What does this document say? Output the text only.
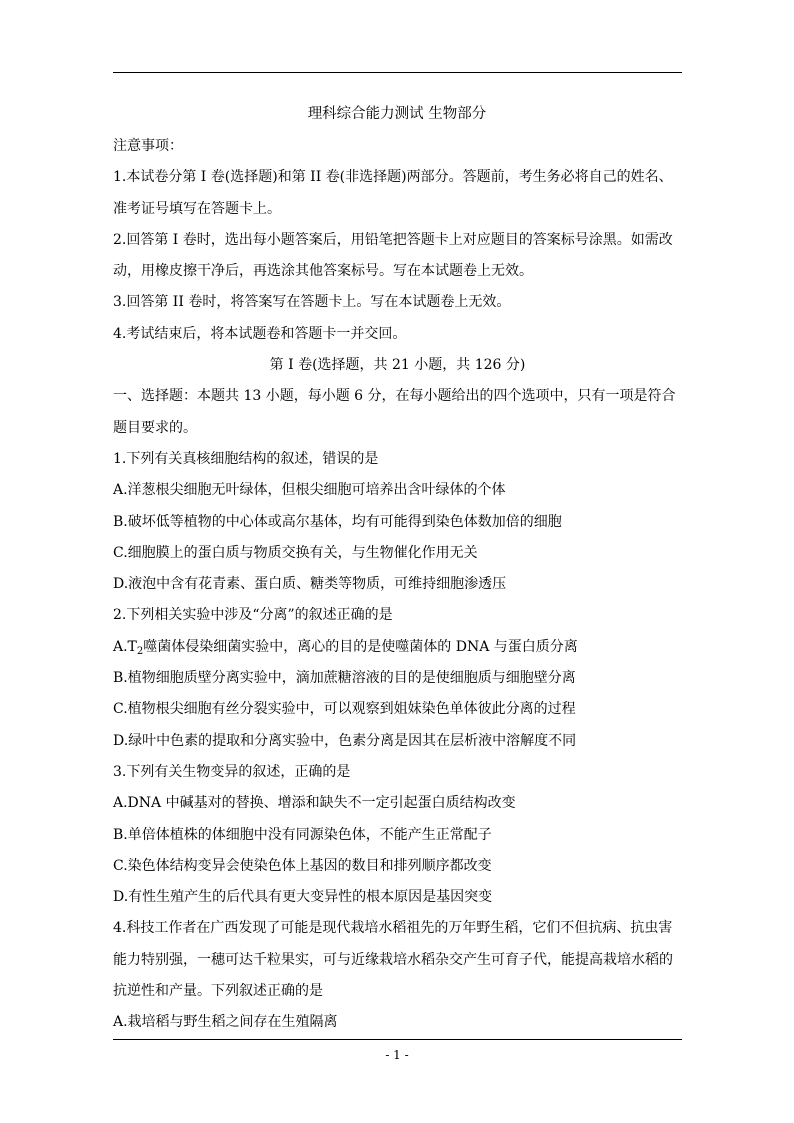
理科综合能力测试 生物部分

注意事项：

1.本试卷分第 I 卷(选择题)和第 II 卷(非选择题)两部分。答题前，考生务必将自己的姓名、准考证号填写在答题卡上。

2.回答第 I 卷时，选出每小题答案后，用铅笔把答题卡上对应题目的答案标号涂黑。如需改动，用橡皮擦干净后，再选涂其他答案标号。写在本试题卷上无效。

3.回答第 II 卷时，将答案写在答题卡上。写在本试题卷上无效。

4.考试结束后，将本试题卷和答题卡一并交回。

第 I 卷(选择题，共 21 小题，共 126 分)

一、选择题：本题共 13 小题，每小题 6 分，在每小题给出的四个选项中，只有一项是符合题目要求的。

1.下列有关真核细胞结构的叙述，错误的是

A.洋葱根尖细胞无叶绿体，但根尖细胞可培养出含叶绿体的个体

B.破坏低等植物的中心体或高尔基体，均有可能得到染色体数加倍的细胞

C.细胞膜上的蛋白质与物质交换有关，与生物催化作用无关

D.液泡中含有花青素、蛋白质、糖类等物质，可维持细胞渗透压

2.下列相关实验中涉及“分离”的叙述正确的是

$A.T_2$噬菌体侵染细菌实验中，离心的目的是使噬菌体的 DNA 与蛋白质分离

B.植物细胞质壁分离实验中，滴加蔗糖溶液的目的是使细胞质与细胞壁分离

C.植物根尖细胞有丝分裂实验中，可以观察到姐妹染色单体彼此分离的过程

D.绿叶中色素的提取和分离实验中，色素分离是因其在层析液中溶解度不同

3.下列有关生物变异的叙述，正确的是

A.DNA 中碱基对的替换、增添和缺失不一定引起蛋白质结构改变

B.单倍体植株的体细胞中没有同源染色体，不能产生正常配子

C.染色体结构变异会使染色体上基因的数目和排列顺序都改变

D.有性生殖产生的后代具有更大变异性的根本原因是基因突变

4.科技工作者在广西发现了可能是现代栽培水稻祖先的万年野生稻，它们不但抗病、抗虫害能力特别强，一穗可达千粒果实，可与近缘栽培水稻杂交产生可育子代，能提高栽培水稻的抗逆性和产量。下列叙述正确的是

A.栽培稻与野生稻之间存在生殖隔离

- 1 -
